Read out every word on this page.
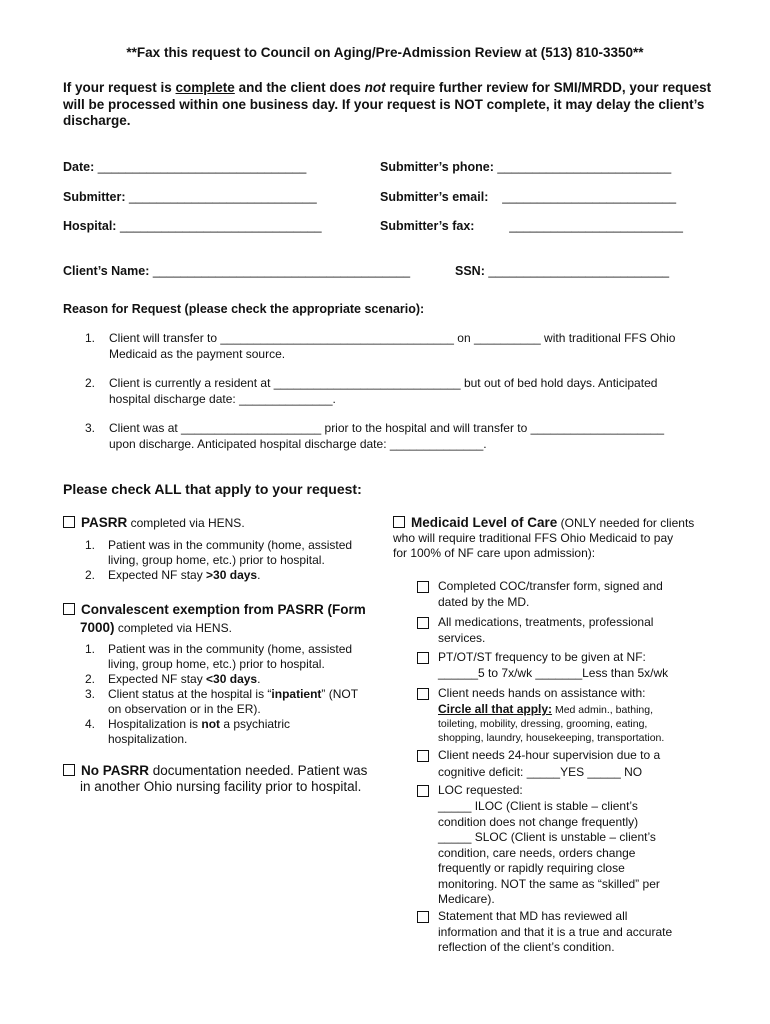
**Fax this request to Council on Aging/Pre-Admission Review at (513) 810-3350**
If your request is complete and the client does not require further review for SMI/MRDD, your request will be processed within one business day. If your request is NOT complete, it may delay the client’s discharge.
Date: ______________________________	Submitter’s phone: _________________________
Submitter: ___________________________	Submitter’s email: _________________________
Hospital: _____________________________	Submitter’s fax:	_________________________
Client’s Name: _____________________________________	SSN: __________________________
Reason for Request (please check the appropriate scenario):
1. Client will transfer to ___________________________________ on __________ with traditional FFS Ohio
Medicaid as the payment source.
2. Client is currently a resident at ____________________________ but out of bed hold days. Anticipated
hospital discharge date: ______________.
3. Client was at _____________________ prior to the hospital and will transfer to ____________________
upon discharge. Anticipated hospital discharge date: ______________.
Please check ALL that apply to your request:
PASRR completed via HENS.
1. Patient was in the community (home, assisted
living, group home, etc.) prior to hospital.
2. Expected NF stay >30 days.
Convalescent exemption from PASRR (Form
7000) completed via HENS.
1. Patient was in the community (home, assisted
living, group home, etc.) prior to hospital.
2. Expected NF stay <30 days.
3. Client status at the hospital is “inpatient” (NOT
on observation or in the ER).
4. Hospitalization is not a psychiatric
hospitalization.
No PASRR documentation needed. Patient was
in another Ohio nursing facility prior to hospital.
Medicaid Level of Care (ONLY needed for clients
who will require traditional FFS Ohio Medicaid to pay
for 100% of NF care upon admission):
Completed COC/transfer form, signed and
dated by the MD.
All medications, treatments, professional
services.
PT/OT/ST frequency to be given at NF:
______5 to 7x/wk _______Less than 5x/wk
Client needs hands on assistance with:
Circle all that apply: Med admin., bathing,
toileting, mobility, dressing, grooming, eating,
shopping, laundry, housekeeping, transportation.
Client needs 24-hour supervision due to a
cognitive deficit: _____YES _____ NO
LOC requested:
_____ ILOC (Client is stable – client’s
condition does not change frequently)
_____ SLOC (Client is unstable – client’s
condition, care needs, orders change
frequently or rapidly requiring close
monitoring. NOT the same as “skilled” per
Medicare).
Statement that MD has reviewed all
information and that it is a true and accurate
reflection of the client’s condition.
